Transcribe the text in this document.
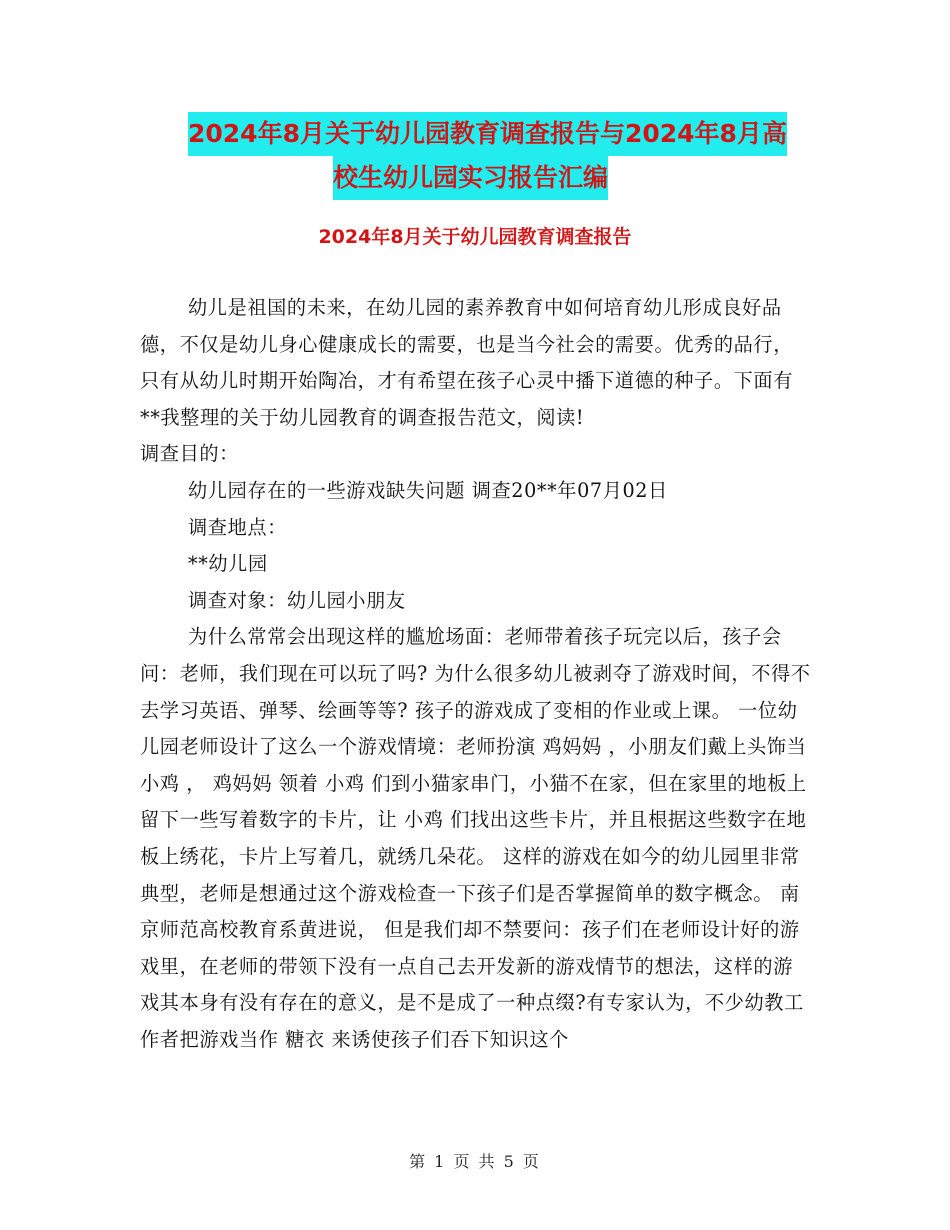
2024年8月关于幼儿园教育调查报告与2024年8月高
校生幼儿园实习报告汇编
2024年8月关于幼儿园教育调查报告

幼儿是祖国的未来，在幼儿园的素养教育中如何培育幼儿形成良好品德，不仅是幼儿身心健康成长的需要，也是当今社会的需要。优秀的品行，只有从幼儿时期开始陶冶，才有希望在孩子心灵中播下道德的种子。下面有**我整理的关于幼儿园教育的调查报告范文，阅读!

调查目的：

幼儿园存在的一些游戏缺失问题 调查20**年07月02日

调查地点：

**幼儿园

调查对象：幼儿园小朋友

为什么常常会出现这样的尴尬场面：老师带着孩子玩完以后，孩子会问：老师，我们现在可以玩了吗? 为什么很多幼儿被剥夺了游戏时间，不得不去学习英语、弹琴、绘画等等? 孩子的游戏成了变相的作业或上课。 一位幼儿园老师设计了这么一个游戏情境：老师扮演 鸡妈妈 ，小朋友们戴上头饰当 小鸡 ， 鸡妈妈 领着 小鸡 们到小猫家串门，小猫不在家，但在家里的地板上留下一些写着数字的卡片，让 小鸡 们找出这些卡片，并且根据这些数字在地板上绣花，卡片上写着几，就绣几朵花。 这样的游戏在如今的幼儿园里非常典型，老师是想通过这个游戏检查一下孩子们是否掌握简单的数字概念。 南京师范高校教育系黄进说， 但是我们却不禁要问：孩子们在老师设计好的游戏里，在老师的带领下没有一点自己去开发新的游戏情节的想法，这样的游戏其本身有没有存在的意义，是不是成了一种点缀?有专家认为，不少幼教工作者把游戏当作 糖衣 来诱使孩子们吞下知识这个

第 1 页 共 5 页
